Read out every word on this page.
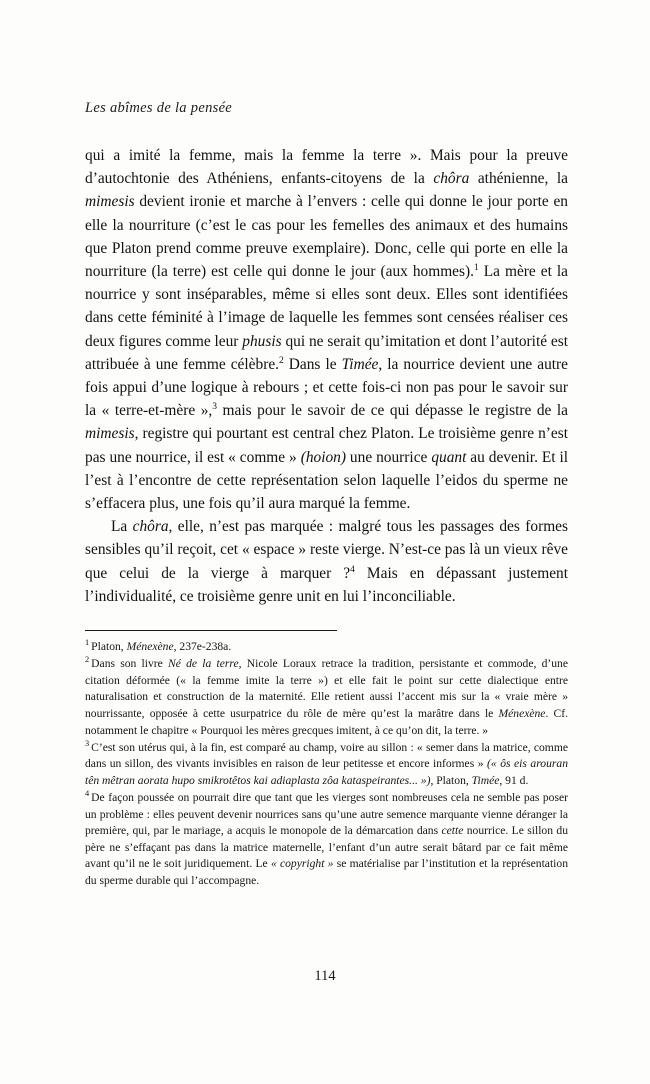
Les abîmes de la pensée

qui a imité la femme, mais la femme la terre ». Mais pour la preuve d’autochtonie des Athéniens, enfants-citoyens de la chôra athénienne, la mimesis devient ironie et marche à l’envers : celle qui donne le jour porte en elle la nourriture (c’est le cas pour les femelles des animaux et des humains que Platon prend comme preuve exemplaire). Donc, celle qui porte en elle la nourriture (la terre) est celle qui donne le jour (aux hommes).$^1$ La mère et la nourrice y sont inséparables, même si elles sont deux. Elles sont identifiées dans cette féminité à l’image de laquelle les femmes sont censées réaliser ces deux figures comme leur phusis qui ne serait qu’imitation et dont l’autorité est attribuée à une femme célèbre.$^2$ Dans le Timée, la nourrice devient une autre fois appui d’une logique à rebours ; et cette fois-ci non pas pour le savoir sur la « terre-et-mère »,$^3$ mais pour le savoir de ce qui dépasse le registre de la mimesis, registre qui pourtant est central chez Platon. Le troisième genre n’est pas une nourrice, il est « comme » (hoion) une nourrice quant au devenir. Et il l’est à l’encontre de cette représentation selon laquelle l’eidos du sperme ne s’effacera plus, une fois qu’il aura marqué la femme.

La chôra, elle, n’est pas marquée : malgré tous les passages des formes sensibles qu’il reçoit, cet « espace » reste vierge. N’est-ce pas là un vieux rêve que celui de la vierge à marquer ?$^4$ Mais en dépassant justement l’individualité, ce troisième genre unit en lui l’inconciliable.

$^1$ Platon, Ménexène, 237e-238a.

$^2$ Dans son livre Né de la terre, Nicole Loraux retrace la tradition, persistante et commode, d’une citation déformée (« la femme imite la terre ») et elle fait le point sur cette dialectique entre naturalisation et construction de la maternité. Elle retient aussi l’accent mis sur la « vraie mère » nourrissante, opposée à cette usurpatrice du rôle de mère qu’est la marâtre dans le Ménexène. Cf. notamment le chapitre « Pourquoi les mères grecques imitent, à ce qu’on dit, la terre. »

$^3$ C’est son utérus qui, à la fin, est comparé au champ, voire au sillon : « semer dans la matrice, comme dans un sillon, des vivants invisibles en raison de leur petitesse et encore informes » (« ôs eis arouran tên mêtran aorata hupo smikrotêtos kai adiaplasta zôa kataspeirantes... »), Platon, Timée, 91 d.

$^4$ De façon poussée on pourrait dire que tant que les vierges sont nombreuses cela ne semble pas poser un problème : elles peuvent devenir nourrices sans qu’une autre semence marquante vienne déranger la première, qui, par le mariage, a acquis le monopole de la démarcation dans cette nourrice. Le sillon du père ne s’effaçant pas dans la matrice maternelle, l’enfant d’un autre serait bâtard par ce fait même avant qu’il ne le soit juridiquement. Le « copyright » se matérialise par l’institution et la représentation du sperme durable qui l’accompagne.

114
